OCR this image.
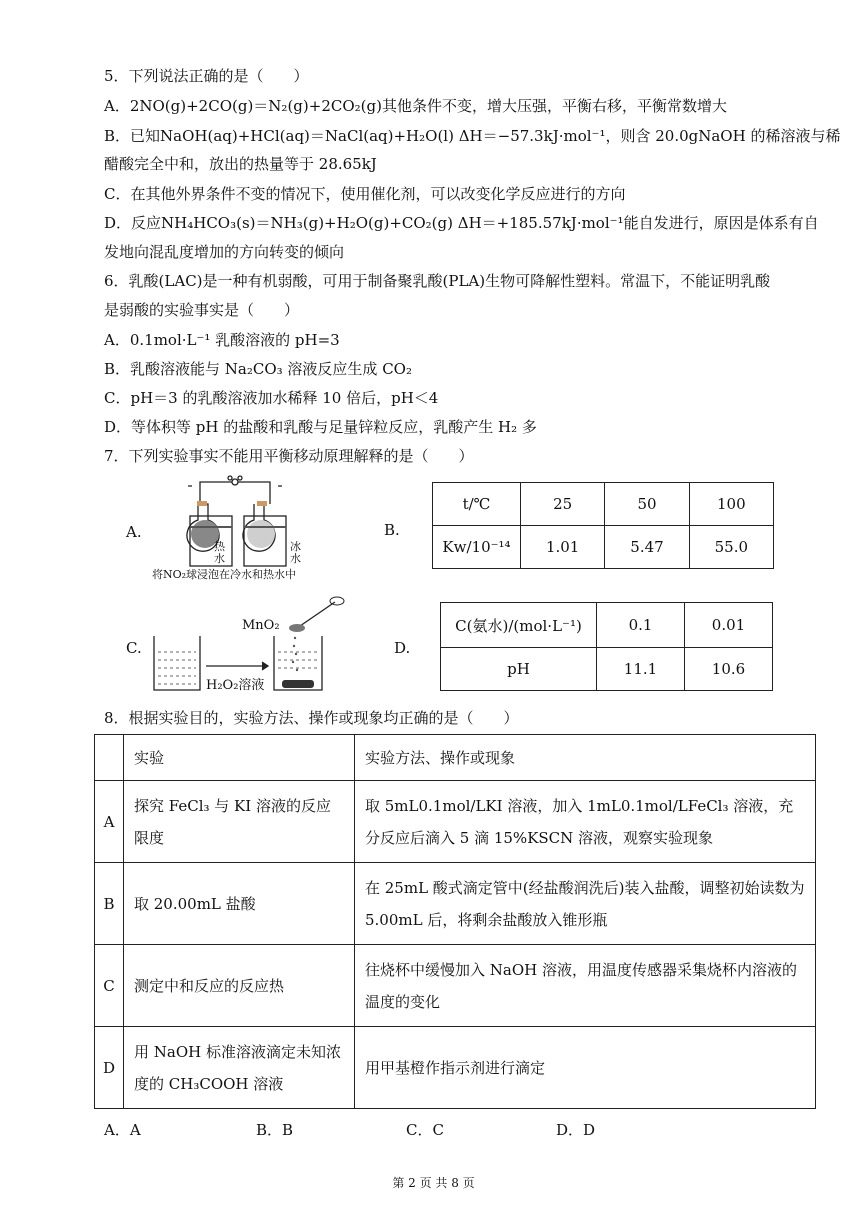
5．下列说法正确的是（　　）
A．2NO(g)+2CO(g)＝N₂(g)+2CO₂(g)其他条件不变，增大压强，平衡右移，平衡常数增大
B．已知NaOH(aq)+HCl(aq)＝NaCl(aq)+H₂O(l) ΔH＝−57.3kJ·mol⁻¹，则含 20.0gNaOH 的稀溶液与稀
醋酸完全中和，放出的热量等于 28.65kJ
C．在其他外界条件不变的情况下，使用催化剂，可以改变化学反应进行的方向
D．反应NH₄HCO₃(s)＝NH₃(g)+H₂O(g)+CO₂(g) ΔH＝+185.57kJ·mol⁻¹能自发进行，原因是体系有自
发地向混乱度增加的方向转变的倾向
6．乳酸(LAC)是一种有机弱酸，可用于制备聚乳酸(PLA)生物可降解性塑料。常温下，不能证明乳酸
是弱酸的实验事实是（　　）
A．0.1mol·L⁻¹ 乳酸溶液的 pH=3
B．乳酸溶液能与 Na₂CO₃ 溶液反应生成 CO₂
C．pH＝3 的乳酸溶液加水稀释 10 倍后，pH＜4
D．等体积等 pH 的盐酸和乳酸与足量锌粒反应，乳酸产生 H₂ 多
7．下列实验事实不能用平衡移动原理解释的是（　　）
A.
热
水
冰
水
将NO₂球浸泡在冷水和热水中
B.
t/℃	25	50	100
Kw/10⁻¹⁴	1.01	5.47	55.0
C.
MnO₂
H₂O₂溶液
D.
C(氨水)/(mol·L⁻¹)	0.1	0.01
pH	11.1	10.6
8．根据实验目的，实验方法、操作或现象均正确的是（　　）
	实验	实验方法、操作或现象
A	探究 FeCl₃ 与 KI 溶液的反应限度	取 5mL0.1mol/LKI 溶液，加入 1mL0.1mol/LFeCl₃ 溶液，充分反应后滴入 5 滴 15%KSCN 溶液，观察实验现象
B	取 20.00mL 盐酸	在 25mL 酸式滴定管中(经盐酸润洗后)装入盐酸，调整初始读数为 5.00mL 后，将剩余盐酸放入锥形瓶
C	测定中和反应的反应热	往烧杯中缓慢加入 NaOH 溶液，用温度传感器采集烧杯内溶液的温度的变化
D	用 NaOH 标准溶液滴定未知浓度的 CH₃COOH 溶液	用甲基橙作指示剂进行滴定
A．A	B．B	C．C	D．D
第 2 页 共 8 页
